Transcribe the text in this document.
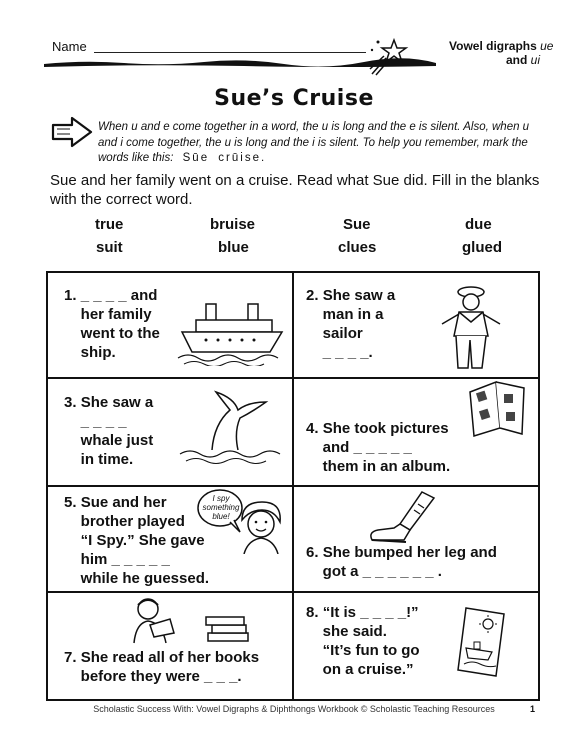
Name	Vowel digraphs ue
and ui
Sue’s Cruise
When u and e come together in a word, the u is long and the e is silent. Also, when u and i come together, the u is long and the i is silent. To help you remember, mark the words like this: Sūe crūise.
Sue and her family went on a cruise. Read what Sue did. Fill in the blanks with the correct word.
true	bruise	Sue	due
suit	blue	clues	glued
1. _ _ _ _ and
her family
went to the
ship.
2. She saw a
man in a
sailor
_ _ _ _.
3. She saw a
_ _ _ _
whale just
in time.
4. She took pictures
and _ _ _ _ _
them in an album.
5. Sue and her
brother played
“I Spy.” She gave
him _ _ _ _ _
while he guessed.
I spy
something
blue!
6. She bumped her leg and
got a _ _ _ _ _ _ .
7. She read all of her books
before they were _ _ _.
8. “It is _ _ _ _!”
she said.
“It’s fun to go
on a cruise.”
Scholastic Success With: Vowel Digraphs & Diphthongs Workbook © Scholastic Teaching Resources	1
